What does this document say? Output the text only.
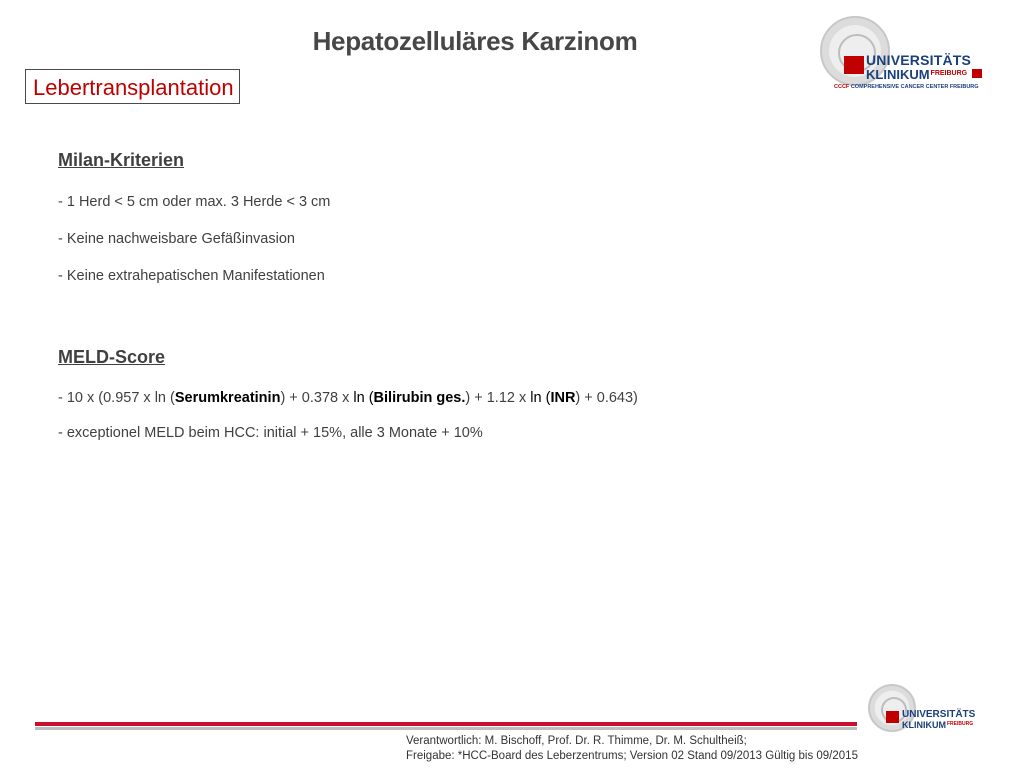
Hepatozelluläres Karzinom
Lebertransplantation
UNIVERSITÄTS
$KLINIKUM^{FREIBURG}$
CCCF COMPREHENSIVE CANCER CENTER FREIBURG
Milan-Kriterien
- 1 Herd < 5 cm oder max. 3 Herde < 3 cm
- Keine nachweisbare Gefäßinvasion
- Keine extrahepatischen Manifestationen
MELD-Score
- 10 x (0.957 x ln (Serumkreatinin) + 0.378 x ln (Bilirubin ges.) + 1.12 x ln (INR) + 0.643)
- exceptionel MELD beim HCC: initial + 15%, alle 3 Monate + 10%
Verantwortlich: M. Bischoff, Prof. Dr. R. Thimme, Dr. M. Schultheiß;
Freigabe: *HCC-Board des Leberzentrums; Version 02 Stand 09/2013 Gültig bis 09/2015
UNIVERSITÄTS
$KLINIKUM^{FREIBURG}$
